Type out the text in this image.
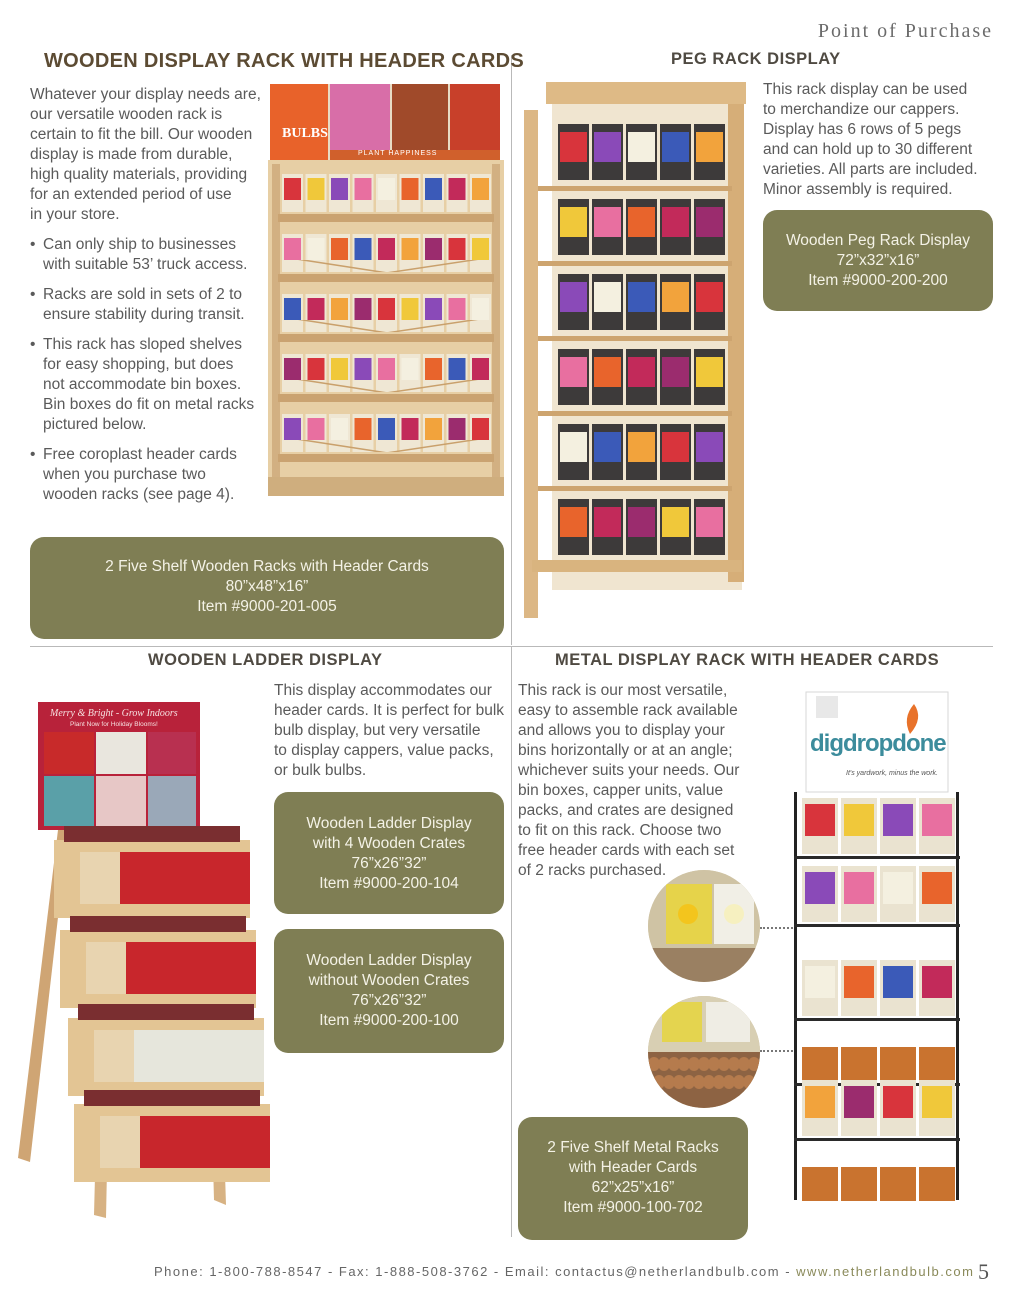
Point of Purchase
WOODEN DISPLAY RACK WITH HEADER CARDS
Whatever your display needs are,
our versatile wooden rack is
certain to fit the bill. Our wooden
display is made from durable,
high quality materials, providing
for an extended period of use
in your store.
• Can only ship to businesses
with suitable 53’ truck access.
• Racks are sold in sets of 2 to
ensure stability during transit.
• This rack has sloped shelves
for easy shopping, but does
not accommodate bin boxes.
Bin boxes do fit on metal racks
pictured below.
• Free coroplast header cards
when you purchase two
wooden racks (see page 4).
BULBS
PLANT HAPPINESS
2 Five Shelf Wooden Racks with Header Cards
80”x48”x16”
Item #9000-201-005
PEG RACK DISPLAY
This rack display can be used
to merchandize our cappers.
Display has 6 rows of 5 pegs
and can hold up to 30 different
varieties. All parts are included.
Minor assembly is required.
Wooden Peg Rack Display
72”x32”x16”
Item #9000-200-200
WOODEN LADDER DISPLAY
Merry & Bright - Grow Indoors
Plant Now for Holiday Blooms!
This display accommodates our
header cards. It is perfect for bulk
bulb display, but very versatile
to display cappers, value packs,
or bulk bulbs.
Wooden Ladder Display
with 4 Wooden Crates
76”x26”32”
Item #9000-200-104
Wooden Ladder Display
without Wooden Crates
76”x26”32”
Item #9000-200-100
METAL DISPLAY RACK WITH HEADER CARDS
This rack is our most versatile,
easy to assemble rack available
and allows you to display your
bins horizontally or at an angle;
whichever suits your needs. Our
bin boxes, capper units, value
packs, and crates are designed
to fit on this rack. Choose two
free header cards with each set
of 2 racks purchased.
digdropdone
It's yardwork, minus the work.
2 Five Shelf Metal Racks
with Header Cards
62”x25”x16”
Item #9000-100-702
Phone: 1-800-788-8547 - Fax: 1-888-508-3762 - Email: contactus@netherlandbulb.com - www.netherlandbulb.com 5
